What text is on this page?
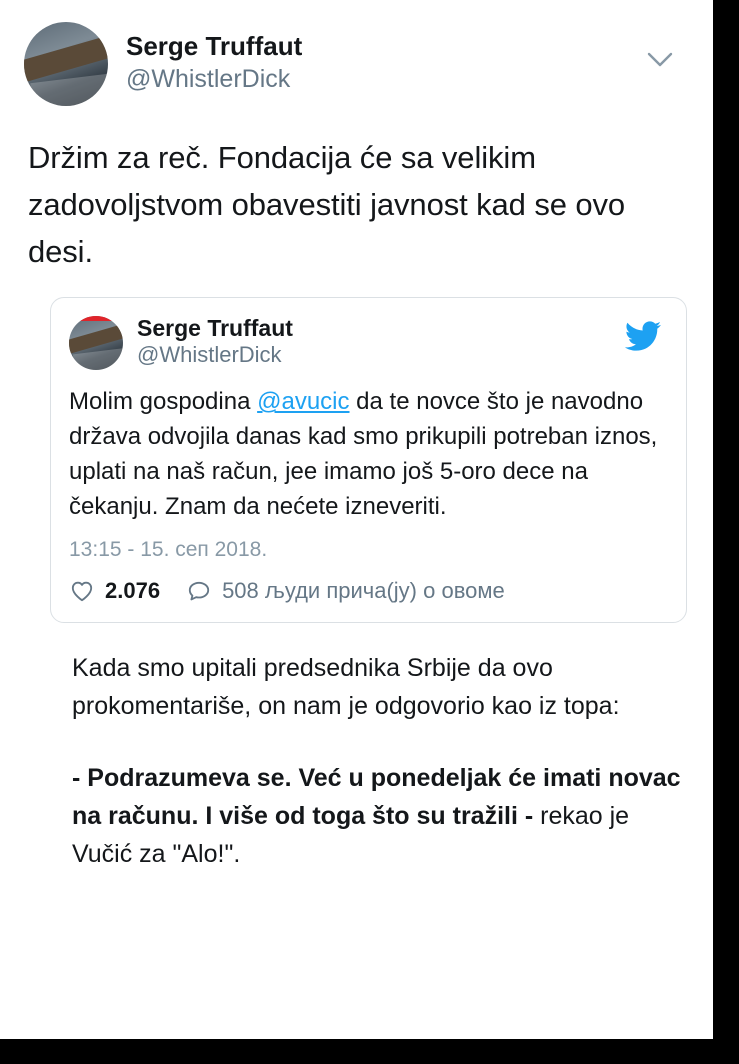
Serge Truffaut
@WhistlerDick
Držim za reč. Fondacija će sa velikim zadovoljstvom obavestiti javnost kad se ovo desi.
Serge Truffaut
@WhistlerDick
Molim gospodina @avucic da te novce što je navodno država odvojila danas kad smo prikupili potreban iznos, uplati na naš račun, jee imamo još 5-oro dece na čekanju. Znam da nećete izneveriti.
13:15 - 15. сеп 2018.
2.076	508 људи прича(ју) о овоме

Kada smo upitali predsednika Srbije da ovo prokomentariše, on nam je odgovorio kao iz topa:

- Podrazumeva se. Već u ponedeljak će imati novac na računu. I više od toga što su tražili - rekao je Vučić za "Alo!".
